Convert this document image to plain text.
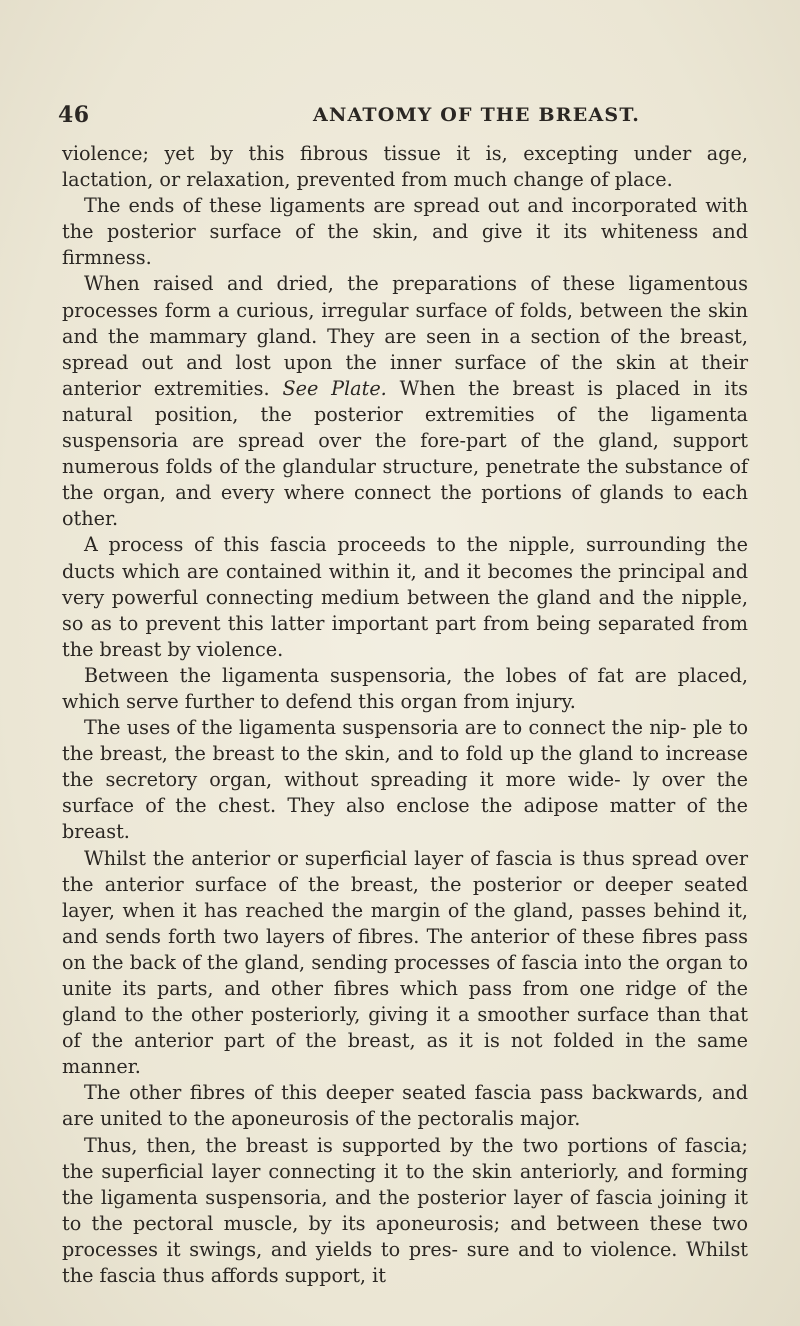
46	ANATOMY OF THE BREAST.

violence; yet by this fibrous tissue it is, excepting under age, lactation, or relaxation, prevented from much change of place.

The ends of these ligaments are spread out and incorporated with the posterior surface of the skin, and give it its whiteness and firmness.

When raised and dried, the preparations of these ligamentous processes form a curious, irregular surface of folds, between the skin and the mammary gland. They are seen in a section of the breast, spread out and lost upon the inner surface of the skin at their anterior extremities. See Plate. When the breast is placed in its natural position, the posterior extremities of the ligamenta suspensoria are spread over the fore-part of the gland, support numerous folds of the glandular structure, penetrate the substance of the organ, and every where connect the portions of glands to each other.

A process of this fascia proceeds to the nipple, surrounding the ducts which are contained within it, and it becomes the principal and very powerful connecting medium between the gland and the nipple, so as to prevent this latter important part from being separated from the breast by violence.

Between the ligamenta suspensoria, the lobes of fat are placed, which serve further to defend this organ from injury.

The uses of the ligamenta suspensoria are to connect the nip- ple to the breast, the breast to the skin, and to fold up the gland to increase the secretory organ, without spreading it more wide- ly over the surface of the chest. They also enclose the adipose matter of the breast.

Whilst the anterior or superficial layer of fascia is thus spread over the anterior surface of the breast, the posterior or deeper seated layer, when it has reached the margin of the gland, passes behind it, and sends forth two layers of fibres. The anterior of these fibres pass on the back of the gland, sending processes of fascia into the organ to unite its parts, and other fibres which pass from one ridge of the gland to the other posteriorly, giving it a smoother surface than that of the anterior part of the breast, as it is not folded in the same manner.

The other fibres of this deeper seated fascia pass backwards, and are united to the aponeurosis of the pectoralis major.

Thus, then, the breast is supported by the two portions of fascia; the superficial layer connecting it to the skin anteriorly, and forming the ligamenta suspensoria, and the posterior layer of fascia joining it to the pectoral muscle, by its aponeurosis; and between these two processes it swings, and yields to pres- sure and to violence. Whilst the fascia thus affords support, it
